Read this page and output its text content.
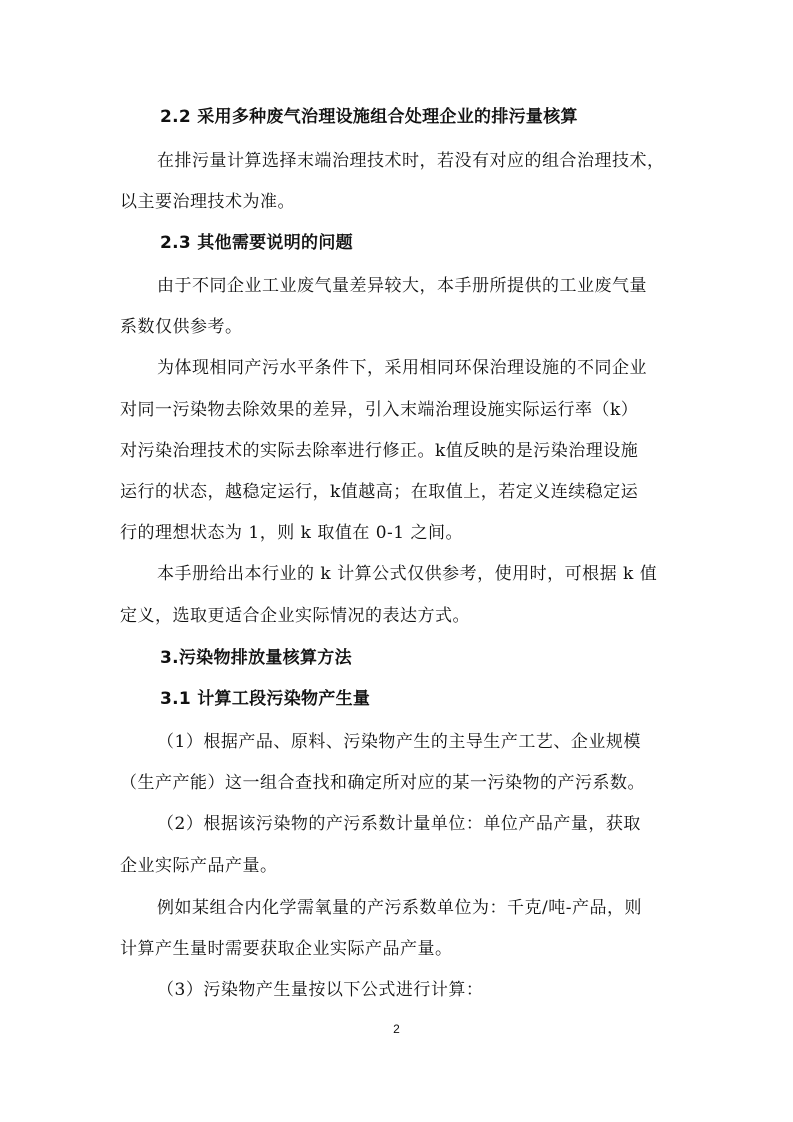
2.2 采用多种废气治理设施组合处理企业的排污量核算
在排污量计算选择末端治理技术时，若没有对应的组合治理技术，
以主要治理技术为准。
2.3 其他需要说明的问题
由于不同企业工业废气量差异较大，本手册所提供的工业废气量
系数仅供参考。
为体现相同产污水平条件下，采用相同环保治理设施的不同企业
对同一污染物去除效果的差异，引入末端治理设施实际运行率（k）
对污染治理技术的实际去除率进行修正。k值反映的是污染治理设施
运行的状态，越稳定运行，k值越高；在取值上，若定义连续稳定运
行的理想状态为 1，则 k 取值在 0-1 之间。
本手册给出本行业的 k 计算公式仅供参考，使用时，可根据 k 值
定义，选取更适合企业实际情况的表达方式。
3.污染物排放量核算方法
3.1 计算工段污染物产生量
（1）根据产品、原料、污染物产生的主导生产工艺、企业规模
（生产产能）这一组合查找和确定所对应的某一污染物的产污系数。
（2）根据该污染物的产污系数计量单位：单位产品产量，获取
企业实际产品产量。
例如某组合内化学需氧量的产污系数单位为：千克/吨-产品，则
计算产生量时需要获取企业实际产品产量。
（3）污染物产生量按以下公式进行计算：
2
